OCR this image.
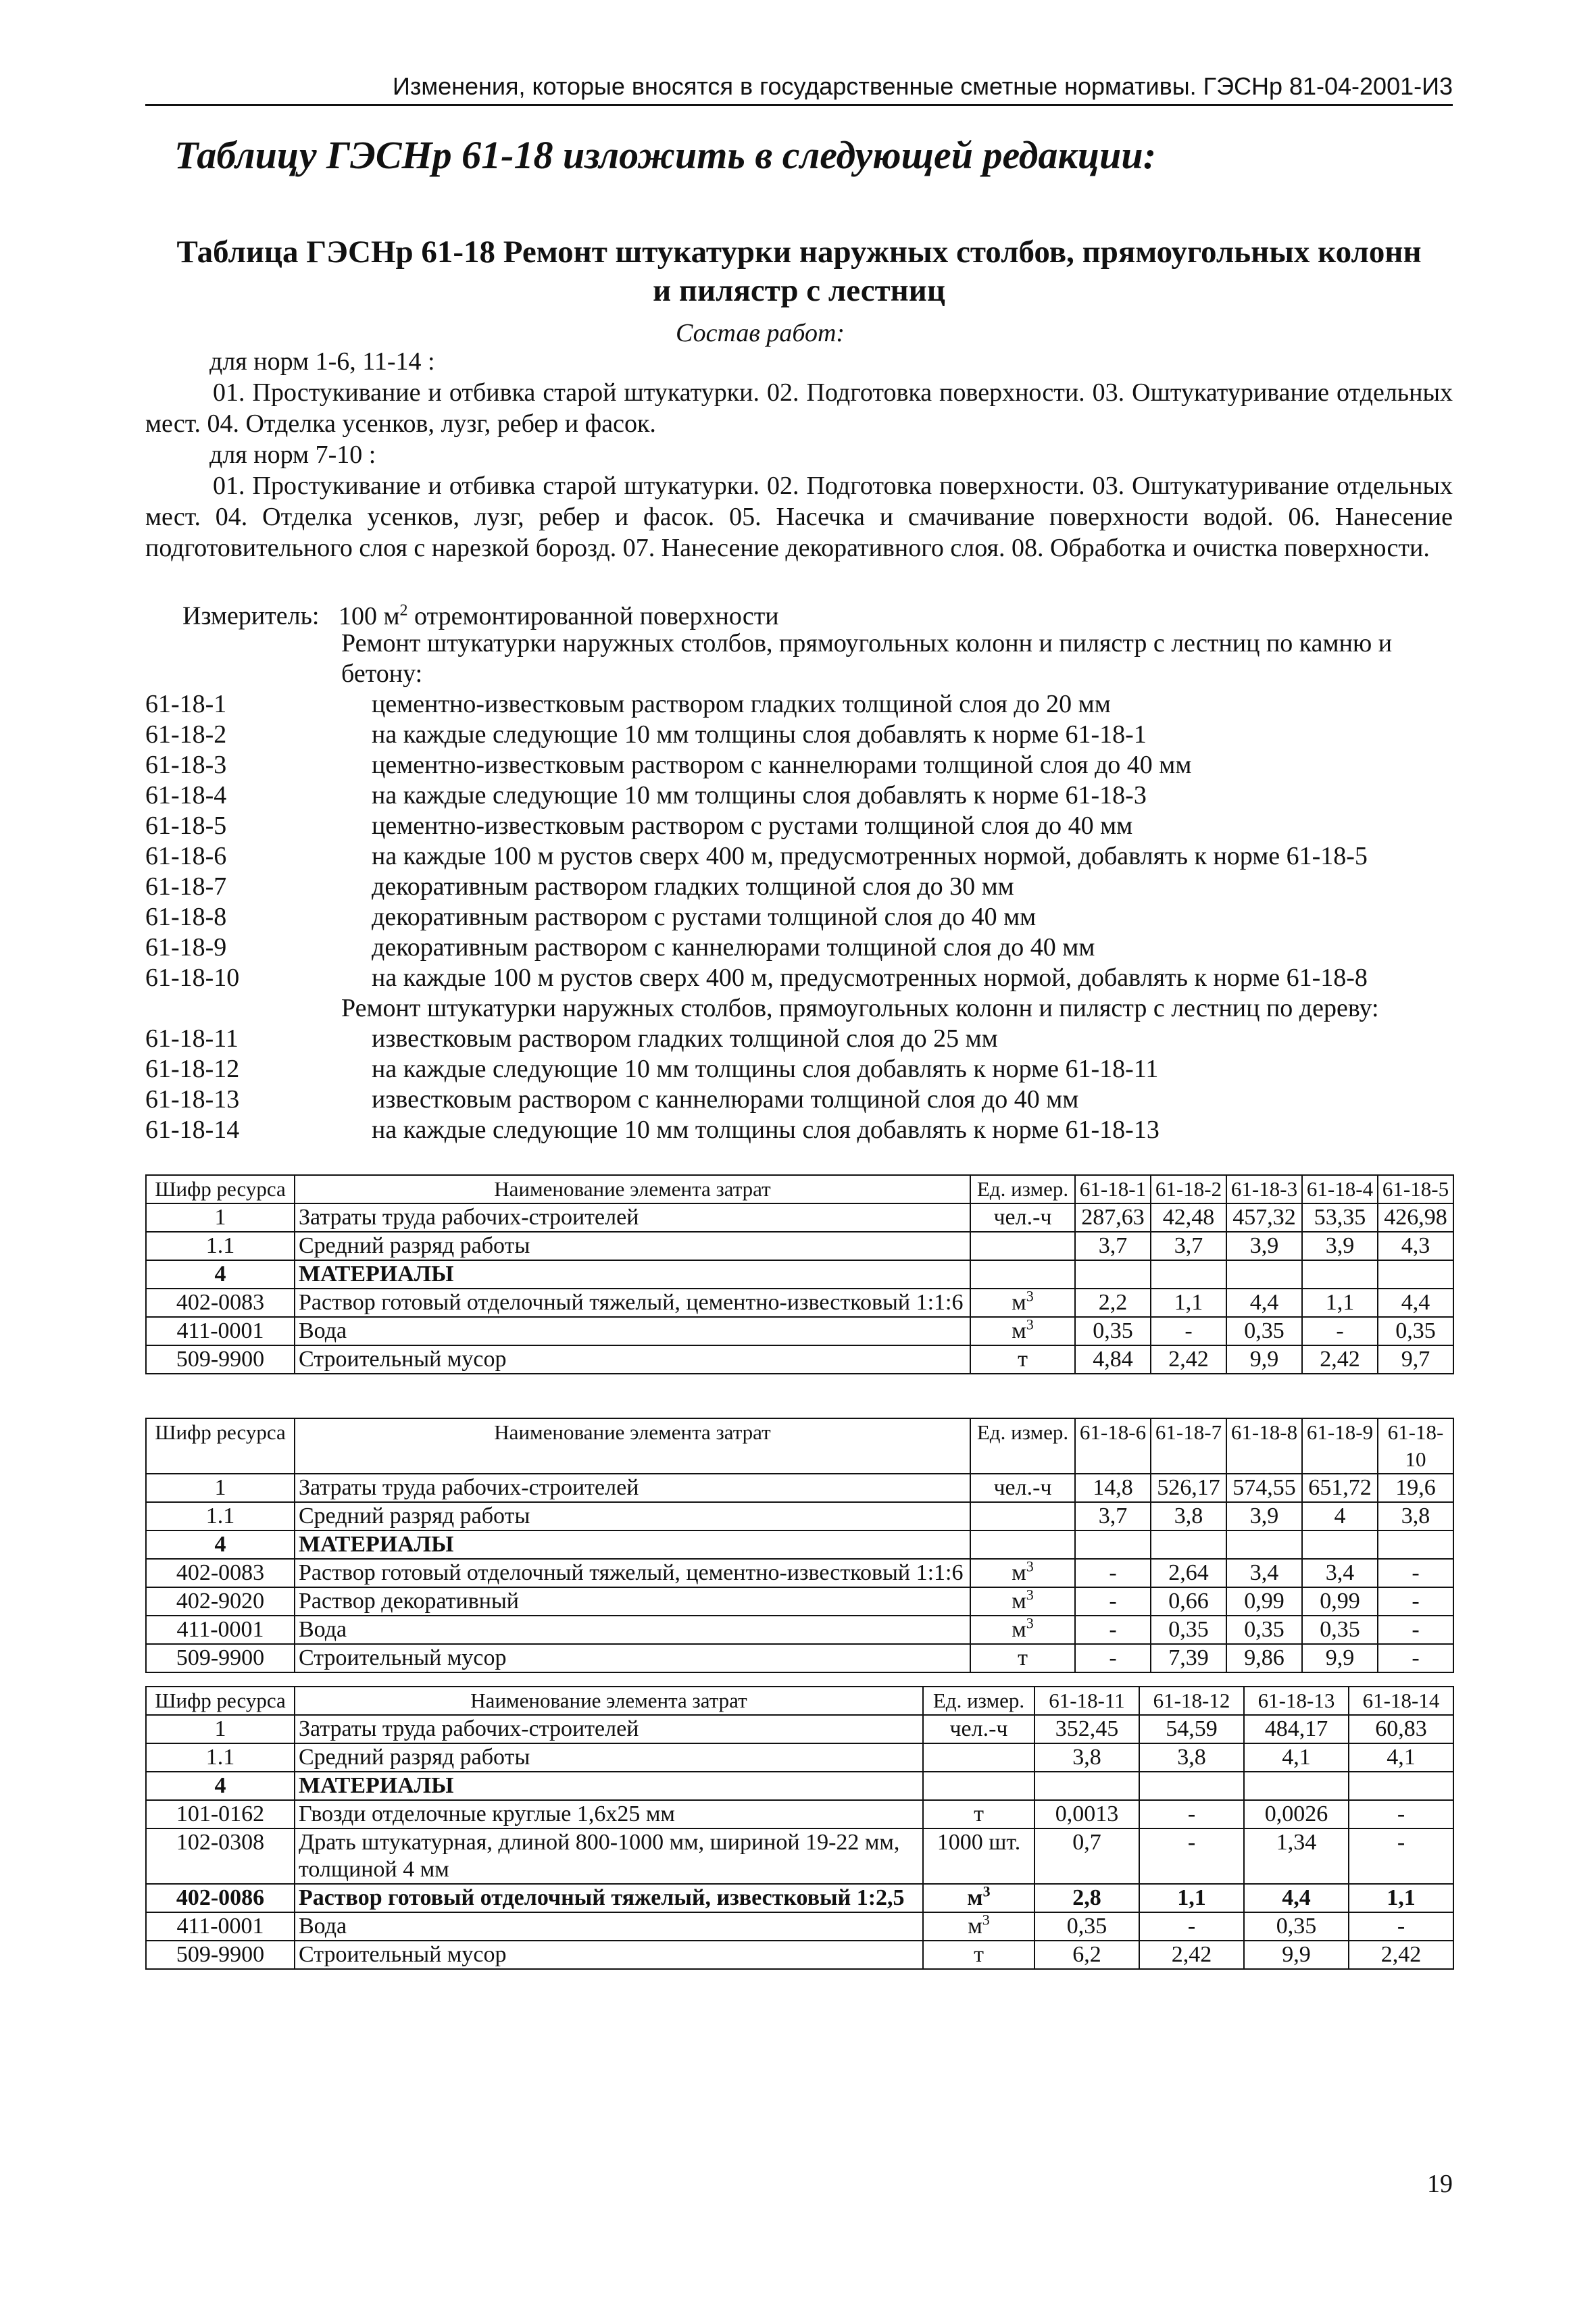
Изменения, которые вносятся в государственные сметные нормативы. ГЭСНр 81-04-2001-И3
Таблицу ГЭСНр 61-18 изложить в следующей редакции:
Таблица ГЭСНр 61-18 Ремонт штукатурки наружных столбов, прямоугольных колонн
и пилястр с лестниц
Состав работ:

для норм 1-6, 11-14 :

01. Простукивание и отбивка старой штукатурки. 02. Подготовка поверхности. 03. Оштукатуривание отдельных мест. 04. Отделка усенков, лузг, ребер и фасок.

для норм 7-10 :

01. Простукивание и отбивка старой штукатурки. 02. Подготовка поверхности. 03. Оштукатуривание отдельных мест. 04. Отделка усенков, лузг, ребер и фасок. 05. Насечка и смачивание поверхности водой. 06. Нанесение подготовительного слоя с нарезкой борозд. 07. Нанесение декоративного слоя. 08. Обработка и очистка поверхности.

Измеритель: 100 $м^2$ отремонтированной поверхности
Ремонт штукатурки наружных столбов, прямоугольных колонн и пилястр с лестниц по камню и бетону:
61-18-1	цементно-известковым раствором гладких толщиной слоя до 20 мм
61-18-2	на каждые следующие 10 мм толщины слоя добавлять к норме 61-18-1
61-18-3	цементно-известковым раствором с каннелюрами толщиной слоя до 40 мм
61-18-4	на каждые следующие 10 мм толщины слоя добавлять к норме 61-18-3
61-18-5	цементно-известковым раствором с рустами толщиной слоя до 40 мм
61-18-6	на каждые 100 м рустов сверх 400 м, предусмотренных нормой, добавлять к норме 61-18-5
61-18-7	декоративным раствором гладких толщиной слоя до 30 мм
61-18-8	декоративным раствором с рустами толщиной слоя до 40 мм
61-18-9	декоративным раствором с каннелюрами толщиной слоя до 40 мм
61-18-10	на каждые 100 м рустов сверх 400 м, предусмотренных нормой, добавлять к норме 61-18-8
Ремонт штукатурки наружных столбов, прямоугольных колонн и пилястр с лестниц по дереву:
61-18-11	известковым раствором гладких толщиной слоя до 25 мм
61-18-12	на каждые следующие 10 мм толщины слоя добавлять к норме 61-18-11
61-18-13	известковым раствором с каннелюрами толщиной слоя до 40 мм
61-18-14	на каждые следующие 10 мм толщины слоя добавлять к норме 61-18-13
Шифр ресурса	Наименование элемента затрат	Ед. измер.	61-18-1	61-18-2	61-18-3	61-18-4	61-18-5
1	Затраты труда рабочих-строителей	чел.-ч	287,63	42,48	457,32	53,35	426,98
1.1	Средний разряд работы		3,7	3,7	3,9	3,9	4,3
4	МАТЕРИАЛЫ						
402-0083	Раствор готовый отделочный тяжелый, цементно-известковый 1:1:6	$м^3$	2,2	1,1	4,4	1,1	4,4
411-0001	Вода	$м^3$	0,35	-	0,35	-	0,35
509-9900	Строительный мусор	т	4,84	2,42	9,9	2,42	9,7
Шифр ресурса	Наименование элемента затрат	Ед. измер.	61-18-6	61-18-7	61-18-8	61-18-9	61-18-10
1	Затраты труда рабочих-строителей	чел.-ч	14,8	526,17	574,55	651,72	19,6
1.1	Средний разряд работы		3,7	3,8	3,9	4	3,8
4	МАТЕРИАЛЫ						
402-0083	Раствор готовый отделочный тяжелый, цементно-известковый 1:1:6	$м^3$	-	2,64	3,4	3,4	-
402-9020	Раствор декоративный	$м^3$	-	0,66	0,99	0,99	-
411-0001	Вода	$м^3$	-	0,35	0,35	0,35	-
509-9900	Строительный мусор	т	-	7,39	9,86	9,9	-
Шифр ресурса	Наименование элемента затрат	Ед. измер.	61-18-11	61-18-12	61-18-13	61-18-14
1	Затраты труда рабочих-строителей	чел.-ч	352,45	54,59	484,17	60,83
1.1	Средний разряд работы		3,8	3,8	4,1	4,1
4	МАТЕРИАЛЫ					
101-0162	Гвозди отделочные круглые 1,6х25 мм	т	0,0013	-	0,0026	-
102-0308	Драть штукатурная, длиной 800-1000 мм, шириной 19-22 мм, толщиной 4 мм	1000 шт.	0,7	-	1,34	-
402-0086	Раствор готовый отделочный тяжелый, известковый 1:2,5	$м^3$	2,8	1,1	4,4	1,1
411-0001	Вода	$м^3$	0,35	-	0,35	-
509-9900	Строительный мусор	т	6,2	2,42	9,9	2,42
19
